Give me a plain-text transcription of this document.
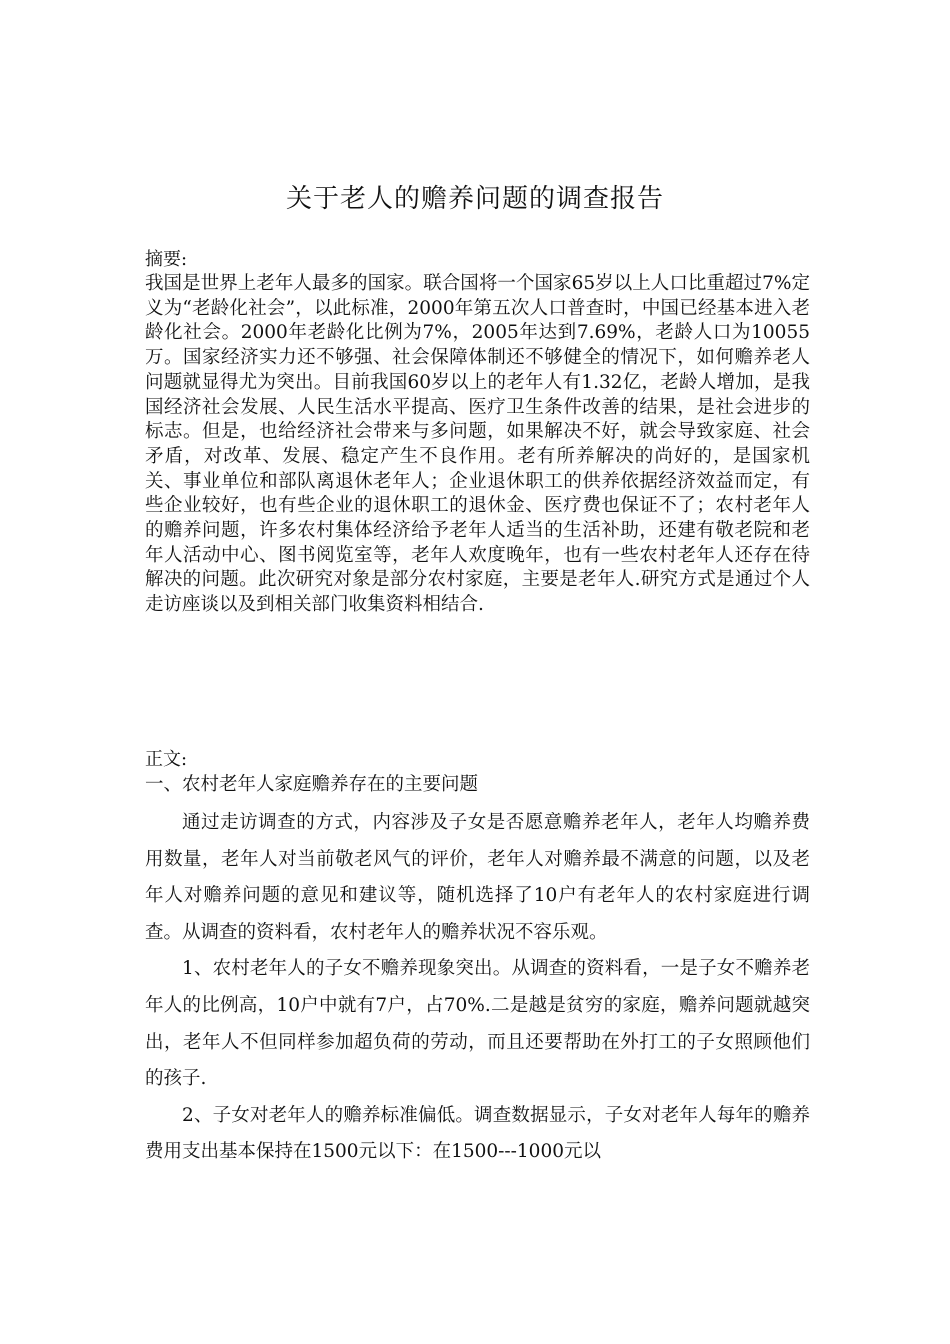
关于老人的赡养问题的调查报告
摘要:

我国是世界上老年人最多的国家。联合国将一个国家65岁以上人口比重超过7%定义为“老龄化社会”，以此标准，2000年第五次人口普查时，中国已经基本进入老龄化社会。2000年老龄化比例为7%，2005年达到7.69%，老龄人口为10055万。国家经济实力还不够强、社会保障体制还不够健全的情况下，如何赡养老人问题就显得尤为突出。目前我国60岁以上的老年人有1.32亿，老龄人增加，是我国经济社会发展、人民生活水平提高、医疗卫生条件改善的结果，是社会进步的标志。但是，也给经济社会带来与多问题，如果解决不好，就会导致家庭、社会矛盾，对改革、发展、稳定产生不良作用。老有所养解决的尚好的，是国家机关、事业单位和部队离退休老年人；企业退休职工的供养依据经济效益而定，有些企业较好，也有些企业的退休职工的退休金、医疗费也保证不了；农村老年人的赡养问题，许多农村集体经济给予老年人适当的生活补助，还建有敬老院和老年人活动中心、图书阅览室等，老年人欢度晚年，也有一些农村老年人还存在待解决的问题。此次研究对象是部分农村家庭，主要是老年人.研究方式是通过个人走访座谈以及到相关部门收集资料相结合.

正文:
一、农村老年人家庭赡养存在的主要问题

通过走访调查的方式，内容涉及子女是否愿意赡养老年人，老年人均赡养费用数量，老年人对当前敬老风气的评价，老年人对赡养最不满意的问题，以及老年人对赡养问题的意见和建议等，随机选择了10户有老年人的农村家庭进行调查。从调查的资料看，农村老年人的赡养状况不容乐观。

1、农村老年人的子女不赡养现象突出。从调查的资料看，一是子女不赡养老年人的比例高，10户中就有7户，占70%.二是越是贫穷的家庭，赡养问题就越突出，老年人不但同样参加超负荷的劳动，而且还要帮助在外打工的子女照顾他们的孩子.

2、子女对老年人的赡养标准偏低。调查数据显示，子女对老年人每年的赡养费用支出基本保持在1500元以下：在1500---1000元以
